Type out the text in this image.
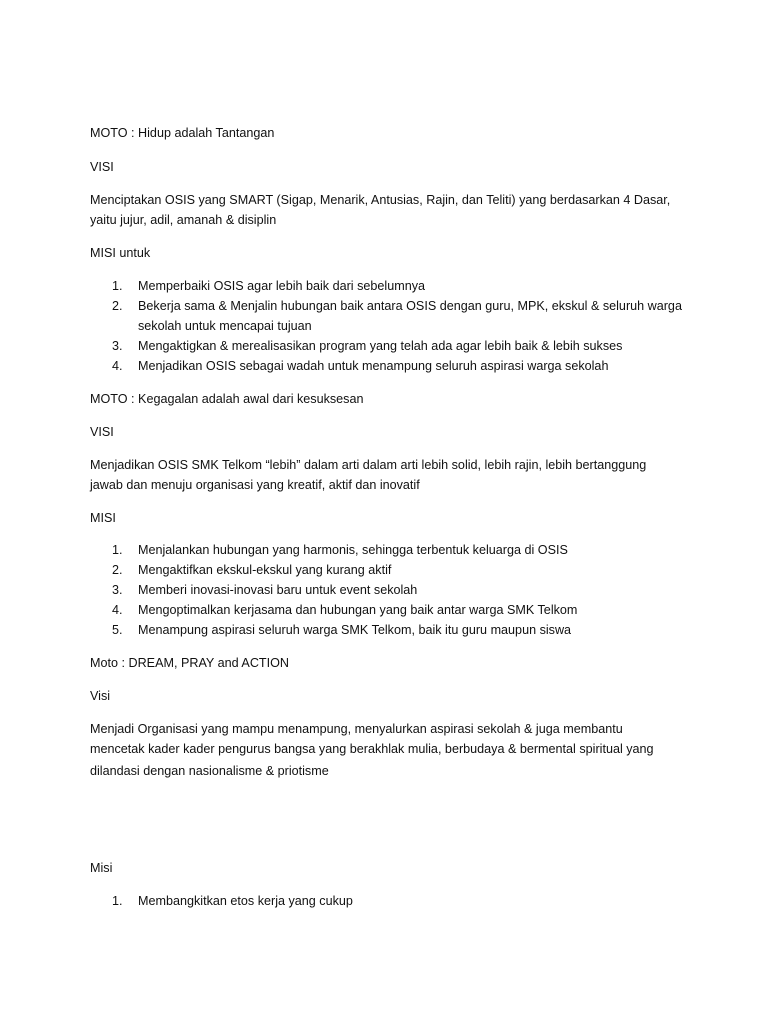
MOTO : Hidup adalah Tantangan
VISI
Menciptakan OSIS yang SMART (Sigap, Menarik, Antusias, Rajin, dan Teliti) yang berdasarkan 4 Dasar,
yaitu jujur, adil, amanah & disiplin
MISI untuk
1. Memperbaiki OSIS agar lebih baik dari sebelumnya
2. Bekerja sama & Menjalin hubungan baik antara OSIS dengan guru, MPK, ekskul & seluruh warga
sekolah untuk mencapai tujuan
3. Mengaktigkan & merealisasikan program yang telah ada agar lebih baik & lebih sukses
4. Menjadikan OSIS sebagai wadah untuk menampung seluruh aspirasi warga sekolah
MOTO : Kegagalan adalah awal dari kesuksesan
VISI
Menjadikan OSIS SMK Telkom “lebih” dalam arti dalam arti lebih solid, lebih rajin, lebih bertanggung
jawab dan menuju organisasi yang kreatif, aktif dan inovatif
MISI
1. Menjalankan hubungan yang harmonis, sehingga terbentuk keluarga di OSIS
2. Mengaktifkan ekskul-ekskul yang kurang aktif
3. Memberi inovasi-inovasi baru untuk event sekolah
4. Mengoptimalkan kerjasama dan hubungan yang baik antar warga SMK Telkom
5. Menampung aspirasi seluruh warga SMK Telkom, baik itu guru maupun siswa
Moto : DREAM, PRAY and ACTION
Visi
Menjadi Organisasi yang mampu menampung, menyalurkan aspirasi sekolah & juga membantu
mencetak kader kader pengurus bangsa yang berakhlak mulia, berbudaya & bermental spiritual yang
dilandasi dengan nasionalisme & priotisme
Misi
1. Membangkitkan etos kerja yang cukup
